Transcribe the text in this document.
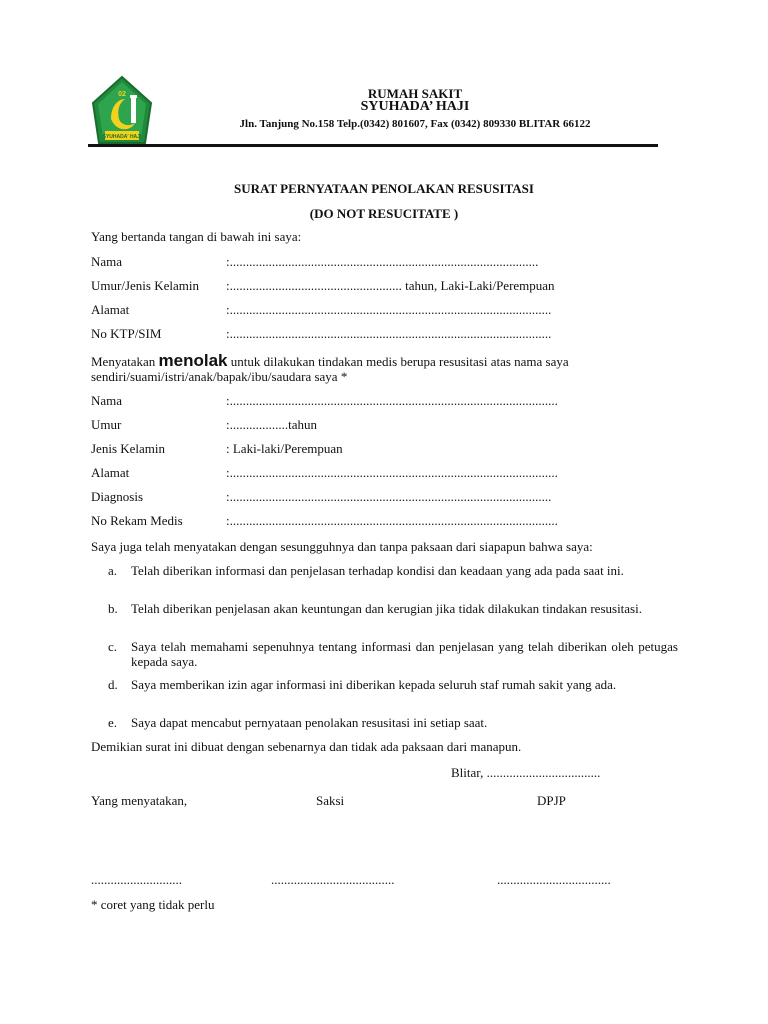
02
SYUHADA' HAJI
RUMAH SAKIT
SYUHADA’ HAJI
Jln. Tanjung No.158 Telp.(0342) 801607, Fax (0342) 809330 BLITAR 66122
SURAT PERNYATAAN PENOLAKAN RESUSITASI
(DO NOT RESUCITATE )
Yang bertanda tangan di bawah ini saya:
Nama	:...............................................................................................
Umur/Jenis Kelamin :..................................................... tahun, Laki-Laki/Perempuan
Alamat	:...................................................................................................
No KTP/SIM	:...................................................................................................
Menyatakan menolak untuk dilakukan tindakan medis berupa resusitasi atas nama saya
sendiri/suami/istri/anak/bapak/ibu/saudara saya *
Nama	:.....................................................................................................
Umur	:..................tahun
Jenis Kelamin	: Laki-laki/Perempuan
Alamat	:.....................................................................................................
Diagnosis	:...................................................................................................
No Rekam Medis	:.....................................................................................................
Saya juga telah menyatakan dengan sesungguhnya dan tanpa paksaan dari siapapun bahwa saya:
a. Telah diberikan informasi dan penjelasan terhadap kondisi dan keadaan yang ada pada saat ini.
b. Telah diberikan penjelasan akan keuntungan dan kerugian jika tidak dilakukan tindakan resusitasi.
c. Saya telah memahami sepenuhnya tentang informasi dan penjelasan yang telah diberikan oleh petugas kepada saya.
d. Saya memberikan izin agar informasi ini diberikan kepada seluruh staf rumah sakit yang ada.
e. Saya dapat mencabut pernyataan penolakan resusitasi ini setiap saat.
Demikian surat ini dibuat dengan sebenarnya dan tidak ada paksaan dari manapun.
Blitar, ...................................
Yang menyatakan,	Saksi	DPJP
............................	......................................	...................................
* coret yang tidak perlu
